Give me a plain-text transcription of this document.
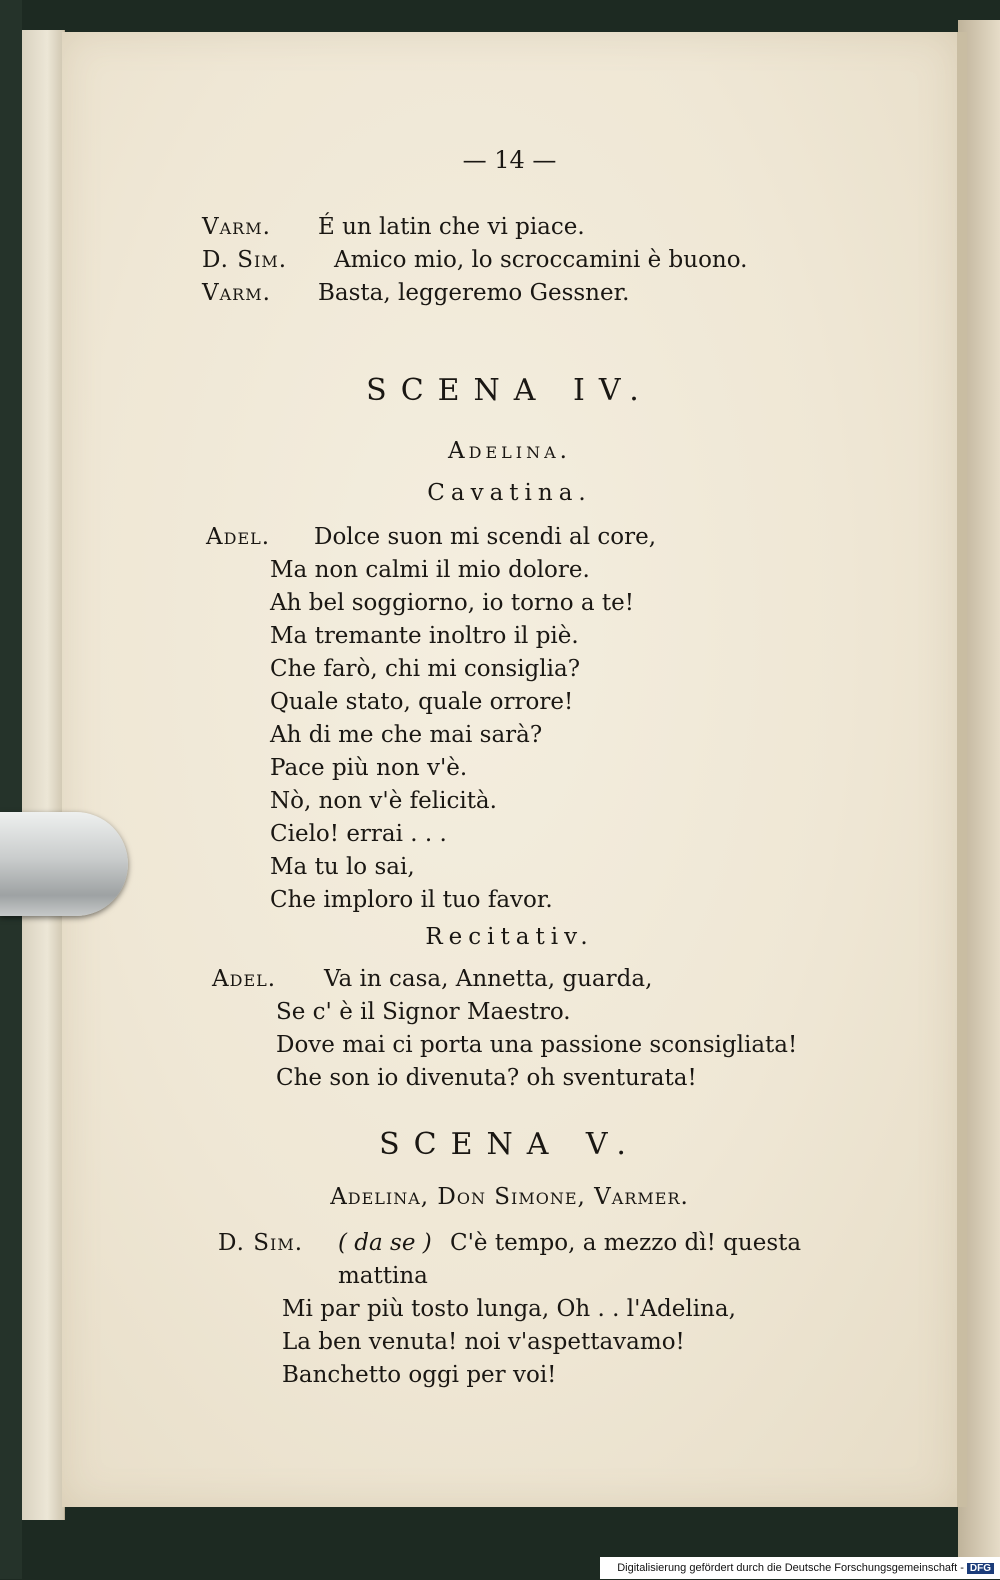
— 14 —
Varm. É un latin che vi piace.
D. Sim. Amico mio, lo scroccamini è buono.
Varm. Basta, leggeremo Gessner.
SCENA IV.
Adelina.
Cavatina.
Adel. Dolce suon mi scendi al core,
Ma non calmi il mio dolore.
Ah bel soggiorno, io torno a te!
Ma tremante inoltro il piè.
Che farò, chi mi consiglia?
Quale stato, quale orrore!
Ah di me che mai sarà?
Pace più non v'è.
Nò, non v'è felicità.
Cielo! errai . . .
Ma tu lo sai,
Che imploro il tuo favor.
Recitativ.
Adel. Va in casa, Annetta, guarda,
Se c' è il Signor Maestro.
Dove mai ci porta una passione sconsigliata!
Che son io divenuta? oh sventurata!
SCENA V.
Adelina, Don Simone, Varmer.
D. Sim. ( da se ) C'è tempo, a mezzo dì! questa
mattina
Mi par più tosto lunga, Oh . . l'Adelina,
La ben venuta! noi v'aspettavamo!
Banchetto oggi per voi!
Digitalisierung gefördert durch die Deutsche Forschungsgemeinschaft - DFG
